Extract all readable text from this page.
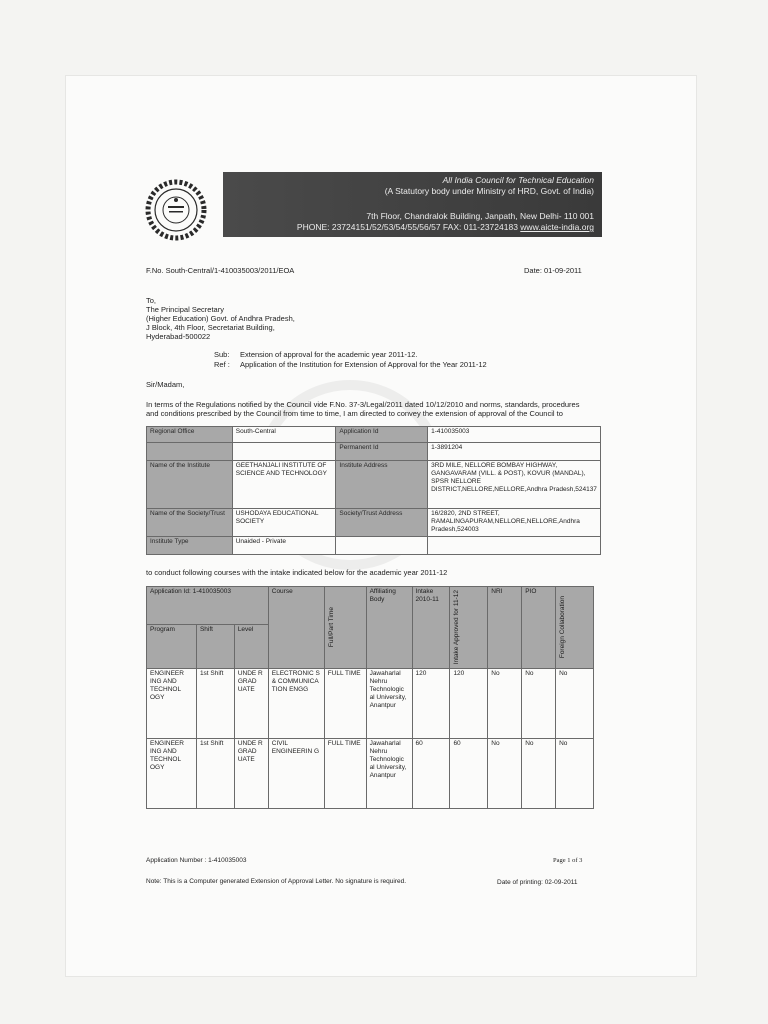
All India Council for Technical Education
(A Statutory body under Ministry of HRD, Govt. of India)
7th Floor, Chandralok Building, Janpath, New Delhi- 110 001
PHONE: 23724151/52/53/54/55/56/57 FAX: 011-23724183 www.aicte-india.org
F.No. South-Central/1-410035003/2011/EOA	Date: 01-09-2011
To,
The Principal Secretary
(Higher Education) Govt. of Andhra Pradesh,
J Block, 4th Floor, Secretariat Building,
Hyderabad-500022
Sub: Extension of approval for the academic year 2011-12.
Ref : Application of the Institution for Extension of Approval for the Year 2011-12
Sir/Madam,
In terms of the Regulations notified by the Council vide F.No. 37-3/Legal/2011 dated 10/12/2010 and norms, standards, procedures
and conditions prescribed by the Council from time to time, I am directed to convey the extension of approval of the Council to
Regional Office	South-Central	Application Id	1-410035003
		Permanent Id	1-3891204
Name of the Institute	GEETHANJALI INSTITUTE OF SCIENCE AND TECHNOLOGY	Institute Address	3RD MILE, NELLORE BOMBAY HIGHWAY, GANGAVARAM (VILL. & POST), KOVUR (MANDAL), SPSR NELLORE DISTRICT,NELLORE,NELLORE,Andhra Pradesh,524137
Name of the Society/Trust	USHODAYA EDUCATIONAL SOCIETY	Society/Trust Address	16/2820, 2ND STREET, RAMALINGAPURAM,NELLORE,NELLORE,Andhra Pradesh,524003
Institute Type	Unaided - Private		
to conduct following courses with the intake indicated below for the academic year 2011-12
Application Id: 1-410035003			Course	Full/Part Time	Affiliating Body	Intake 2010-11	Intake Approved for 11-12	NRI	PIO	Foreign Collaboration

Program	Shift	Level								
ENGINEER ING AND TECHNOL OGY	1st Shift	UNDE R GRAD UATE	ELECTRONIC S & COMMUNICA TION ENGG	FULL TIME	Jawaharlal Nehru Technologic al University, Anantpur	120	120	No	No	No
ENGINEER ING AND TECHNOL OGY	1st Shift	UNDE R GRAD UATE	CIVIL ENGINEERIN G	FULL TIME	Jawaharlal Nehru Technologic al University, Anantpur	60	60	No	No	No
Application Number : 1-410035003	Page 1 of 3
Note: This is a Computer generated Extension of Approval Letter. No signature is required.	Date of printing: 02-09-2011
